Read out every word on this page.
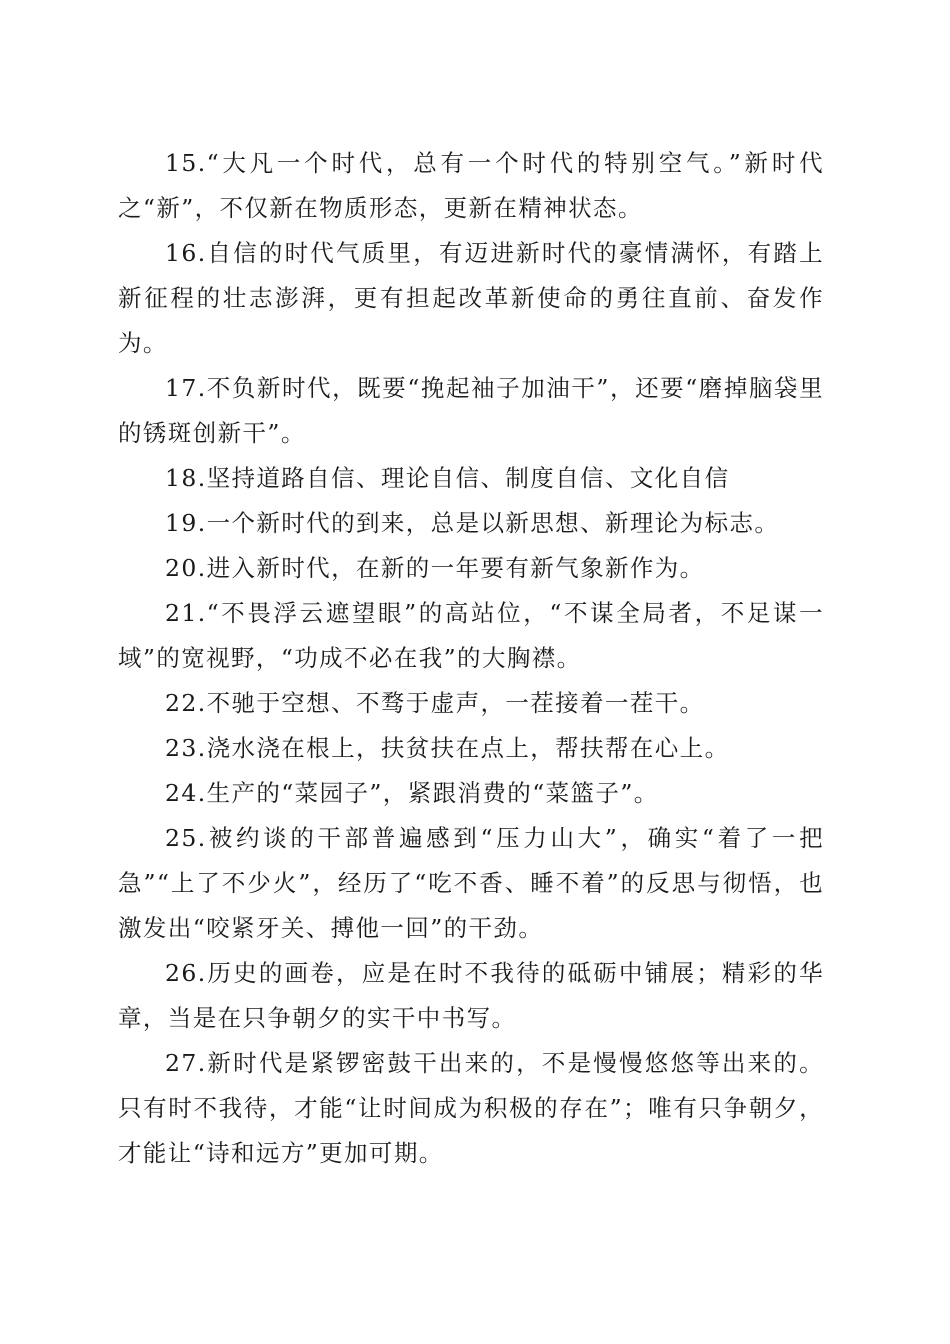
15.“大凡一个时代，总有一个时代的特别空气。”新时代之“新”，不仅新在物质形态，更新在精神状态。

16.自信的时代气质里，有迈进新时代的豪情满怀，有踏上新征程的壮志澎湃，更有担起改革新使命的勇往直前、奋发作为。

17.不负新时代，既要“挽起袖子加油干”，还要“磨掉脑袋里的锈斑创新干”。

18.坚持道路自信、理论自信、制度自信、文化自信

19.一个新时代的到来，总是以新思想、新理论为标志。

20.进入新时代，在新的一年要有新气象新作为。

21.“不畏浮云遮望眼”的高站位，“不谋全局者，不足谋一域”的宽视野，“功成不必在我”的大胸襟。

22.不驰于空想、不骛于虚声，一茬接着一茬干。

23.浇水浇在根上，扶贫扶在点上，帮扶帮在心上。

24.生产的“菜园子”，紧跟消费的“菜篮子”。

25.被约谈的干部普遍感到“压力山大”，确实“着了一把急”“上了不少火”，经历了“吃不香、睡不着”的反思与彻悟，也激发出“咬紧牙关、搏他一回”的干劲。

26.历史的画卷，应是在时不我待的砥砺中铺展；精彩的华章，当是在只争朝夕的实干中书写。

27.新时代是紧锣密鼓干出来的，不是慢慢悠悠等出来的。只有时不我待，才能“让时间成为积极的存在”；唯有只争朝夕，才能让“诗和远方”更加可期。
